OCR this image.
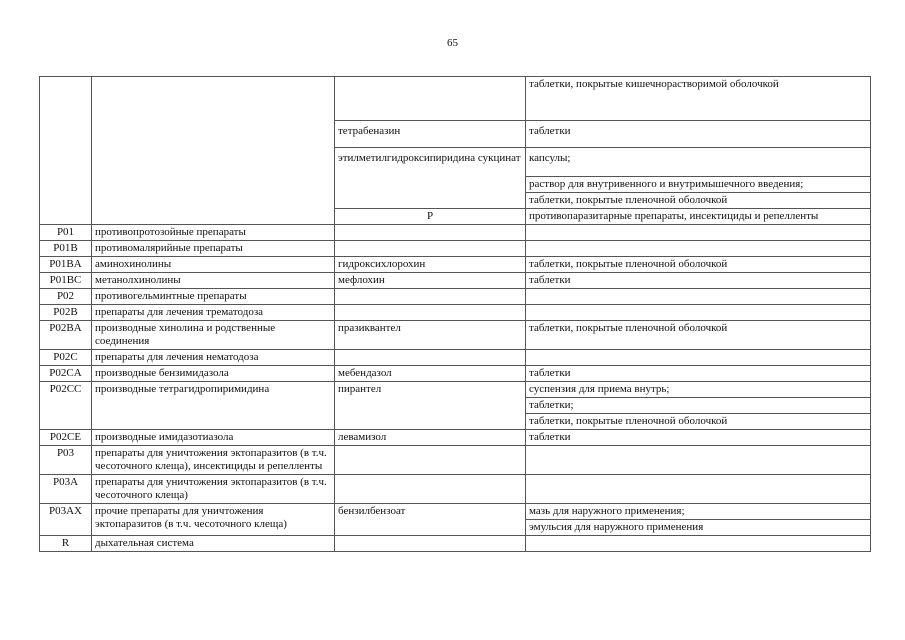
65
			таблетки, покрытые кишечнорастворимой оболочкой	
		тетрабеназин	таблетки	
		этилметилгидроксипиридина сукцинат	капсулы;	
			раствор для внутривенного и внутримышечного введения;	
			таблетки, покрытые пленочной оболочкой	
		P	противопаразитарные препараты, инсектициды и репелленты		
P01	противопротозойные препараты			
P01B	противомалярийные препараты			
P01BA	аминохинолины	гидроксихлорохин	таблетки, покрытые пленочной оболочкой	
P01BC	метанолхинолины	мефлохин	таблетки	
P02	противогельминтные препараты			
P02B	препараты для лечения трематодоза			
P02BA	производные хинолина и родственные соединения	празиквантел	таблетки, покрытые пленочной оболочкой	
P02C	препараты для лечения нематодоза			
P02CA	производные бензимидазола	мебендазол	таблетки	
P02CC	производные тетрагидропиримидина	пирантел	суспензия для приема внутрь;	
			таблетки;	
			таблетки, покрытые пленочной оболочкой	
P02CE	производные имидазотиазола	левамизол	таблетки	
P03	препараты для уничтожения эктопаразитов (в т.ч. чесоточного клеща), инсектициды и репелленты			
P03A	препараты для уничтожения эктопаразитов (в т.ч. чесоточного клеща)			
P03AX	прочие препараты для уничтожения эктопаразитов (в т.ч. чесоточного клеща)	бензилбензоат	мазь для наружного применения;	
			эмульсия для наружного применения	
R	дыхательная система			
